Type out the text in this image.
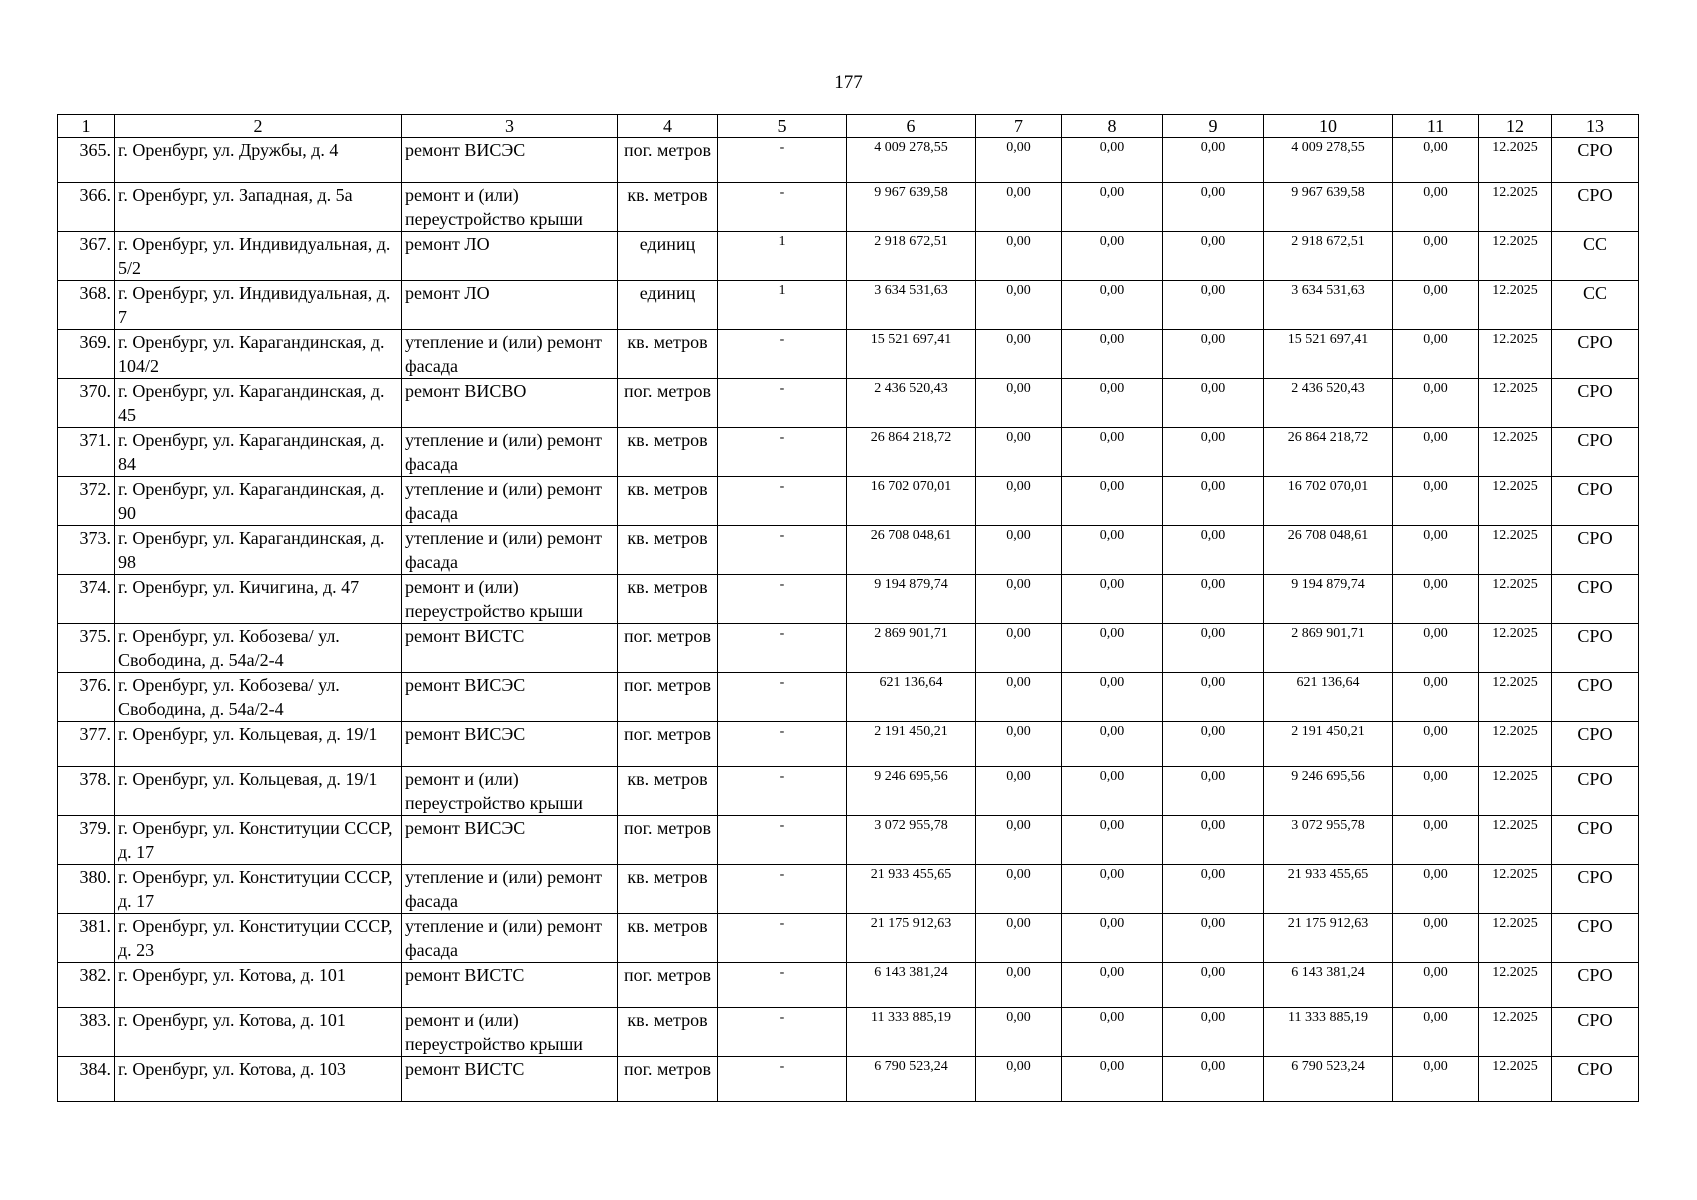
177
1	2	3	4	5	6	7	8	9	10	11	12	13
365.	г. Оренбург, ул. Дружбы, д. 4	ремонт ВИСЭС	пог. метров	-	4 009 278,55	0,00	0,00	0,00	4 009 278,55	0,00	12.2025	СРО
366.	г. Оренбург, ул. Западная, д. 5а	ремонт и (или) переустройство крыши	кв. метров	-	9 967 639,58	0,00	0,00	0,00	9 967 639,58	0,00	12.2025	СРО
367.	г. Оренбург, ул. Индивидуальная, д. 5/2	ремонт ЛО	единиц	1	2 918 672,51	0,00	0,00	0,00	2 918 672,51	0,00	12.2025	СС
368.	г. Оренбург, ул. Индивидуальная, д. 7	ремонт ЛО	единиц	1	3 634 531,63	0,00	0,00	0,00	3 634 531,63	0,00	12.2025	СС
369.	г. Оренбург, ул. Карагандинская, д. 104/2	утепление и (или) ремонт фасада	кв. метров	-	15 521 697,41	0,00	0,00	0,00	15 521 697,41	0,00	12.2025	СРО
370.	г. Оренбург, ул. Карагандинская, д. 45	ремонт ВИСВО	пог. метров	-	2 436 520,43	0,00	0,00	0,00	2 436 520,43	0,00	12.2025	СРО
371.	г. Оренбург, ул. Карагандинская, д. 84	утепление и (или) ремонт фасада	кв. метров	-	26 864 218,72	0,00	0,00	0,00	26 864 218,72	0,00	12.2025	СРО
372.	г. Оренбург, ул. Карагандинская, д. 90	утепление и (или) ремонт фасада	кв. метров	-	16 702 070,01	0,00	0,00	0,00	16 702 070,01	0,00	12.2025	СРО
373.	г. Оренбург, ул. Карагандинская, д. 98	утепление и (или) ремонт фасада	кв. метров	-	26 708 048,61	0,00	0,00	0,00	26 708 048,61	0,00	12.2025	СРО
374.	г. Оренбург, ул. Кичигина, д. 47	ремонт и (или) переустройство крыши	кв. метров	-	9 194 879,74	0,00	0,00	0,00	9 194 879,74	0,00	12.2025	СРО
375.	г. Оренбург, ул. Кобозева/ ул. Свободина, д. 54а/2-4	ремонт ВИСТС	пог. метров	-	2 869 901,71	0,00	0,00	0,00	2 869 901,71	0,00	12.2025	СРО
376.	г. Оренбург, ул. Кобозева/ ул. Свободина, д. 54а/2-4	ремонт ВИСЭС	пог. метров	-	621 136,64	0,00	0,00	0,00	621 136,64	0,00	12.2025	СРО
377.	г. Оренбург, ул. Кольцевая, д. 19/1	ремонт ВИСЭС	пог. метров	-	2 191 450,21	0,00	0,00	0,00	2 191 450,21	0,00	12.2025	СРО
378.	г. Оренбург, ул. Кольцевая, д. 19/1	ремонт и (или) переустройство крыши	кв. метров	-	9 246 695,56	0,00	0,00	0,00	9 246 695,56	0,00	12.2025	СРО
379.	г. Оренбург, ул. Конституции СССР, д. 17	ремонт ВИСЭС	пог. метров	-	3 072 955,78	0,00	0,00	0,00	3 072 955,78	0,00	12.2025	СРО
380.	г. Оренбург, ул. Конституции СССР, д. 17	утепление и (или) ремонт фасада	кв. метров	-	21 933 455,65	0,00	0,00	0,00	21 933 455,65	0,00	12.2025	СРО
381.	г. Оренбург, ул. Конституции СССР, д. 23	утепление и (или) ремонт фасада	кв. метров	-	21 175 912,63	0,00	0,00	0,00	21 175 912,63	0,00	12.2025	СРО
382.	г. Оренбург, ул. Котова, д. 101	ремонт ВИСТС	пог. метров	-	6 143 381,24	0,00	0,00	0,00	6 143 381,24	0,00	12.2025	СРО
383.	г. Оренбург, ул. Котова, д. 101	ремонт и (или) переустройство крыши	кв. метров	-	11 333 885,19	0,00	0,00	0,00	11 333 885,19	0,00	12.2025	СРО
384.	г. Оренбург, ул. Котова, д. 103	ремонт ВИСТС	пог. метров	-	6 790 523,24	0,00	0,00	0,00	6 790 523,24	0,00	12.2025	СРО
